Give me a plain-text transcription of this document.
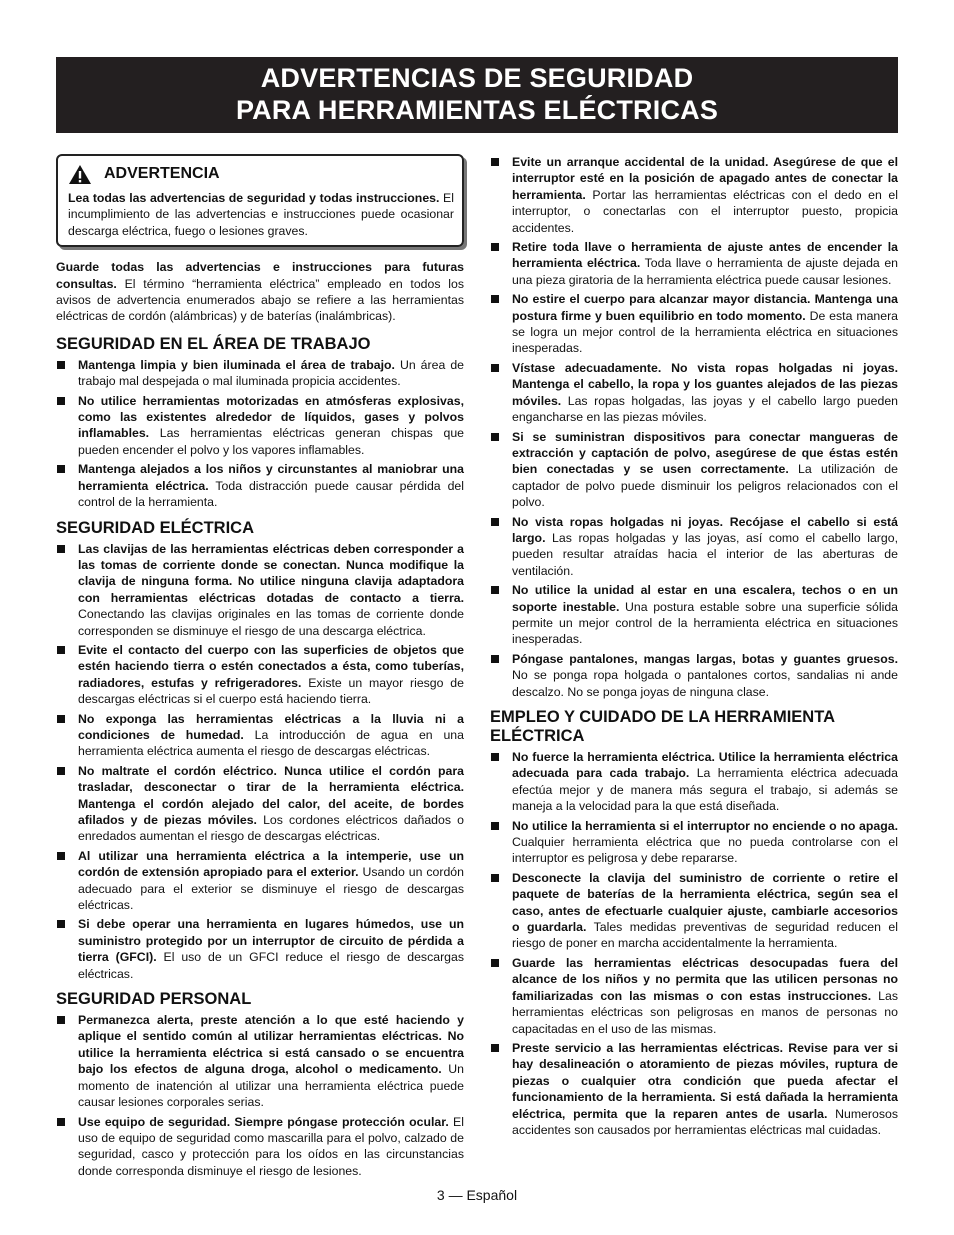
ADVERTENCIAS DE SEGURIDAD
PARA HERRAMIENTAS ELÉCTRICAS
ADVERTENCIA
Lea todas las advertencias de seguridad y todas instrucciones. El incumplimiento de las advertencias e instrucciones puede ocasionar descarga eléctrica, fuego o lesiones graves.

Guarde todas las advertencias e instrucciones para futuras consultas. El término “herramienta eléctrica” empleado en todos los avisos de advertencia enumerados abajo se refiere a las herramientas eléctricas de cordón (alámbricas) y de baterías (inalámbricas).

SEGURIDAD EN EL ÁREA DE TRABAJO
Mantenga limpia y bien iluminada el área de trabajo. Un área de trabajo mal despejada o mal iluminada propicia accidentes.
No utilice herramientas motorizadas en atmósferas explosivas, como las existentes alrededor de líquidos, gases y polvos inflamables. Las herramientas eléctricas generan chispas que pueden encender el polvo y los vapores inflamables.
Mantenga alejados a los niños y circunstantes al maniobrar una herramienta eléctrica. Toda distracción puede causar pérdida del control de la herramienta.
SEGURIDAD ELÉCTRICA
Las clavijas de las herramientas eléctricas deben corresponder a las tomas de corriente donde se conectan. Nunca modifique la clavija de ninguna forma. No utilice ninguna clavija adaptadora con herramientas eléctricas dotadas de contacto a tierra. Conectando las clavijas originales en las tomas de corriente donde corresponden se disminuye el riesgo de una descarga eléctrica.
Evite el contacto del cuerpo con las superficies de objetos que estén haciendo tierra o estén conectados a ésta, como tuberías, radiadores, estufas y refrigeradores. Existe un mayor riesgo de descargas eléctricas si el cuerpo está haciendo tierra.
No exponga las herramientas eléctricas a la lluvia ni a condiciones de humedad. La introducción de agua en una herramienta eléctrica aumenta el riesgo de descargas eléctricas.
No maltrate el cordón eléctrico. Nunca utilice el cordón para trasladar, desconectar o tirar de la herramienta eléctrica. Mantenga el cordón alejado del calor, del aceite, de bordes afilados y de piezas móviles. Los cordones eléctricos dañados o enredados aumentan el riesgo de descargas eléctricas.
Al utilizar una herramienta eléctrica a la intemperie, use un cordón de extensión apropiado para el exterior. Usando un cordón adecuado para el exterior se disminuye el riesgo de descargas eléctricas.
Si debe operar una herramienta en lugares húmedos, use un suministro protegido por un interruptor de circuito de pérdida a tierra (GFCI). El uso de un GFCI reduce el riesgo de descargas eléctricas.
SEGURIDAD PERSONAL
Permanezca alerta, preste atención a lo que esté haciendo y aplique el sentido común al utilizar herramientas eléctricas. No utilice la herramienta eléctrica si está cansado o se encuentra bajo los efectos de alguna droga, alcohol o medicamento. Un momento de inatención al utilizar una herramienta eléctrica puede causar lesiones corporales serias.
Use equipo de seguridad. Siempre póngase protección ocular. El uso de equipo de seguridad como mascarilla para el polvo, calzado de seguridad, casco y protección para los oídos en las circunstancias donde corresponda disminuye el riesgo de lesiones.
Evite un arranque accidental de la unidad. Asegúrese de que el interruptor esté en la posición de apagado antes de conectar la herramienta. Portar las herramientas eléctricas con el dedo en el interruptor, o conectarlas con el interruptor puesto, propicia accidentes.
Retire toda llave o herramienta de ajuste antes de encender la herramienta eléctrica. Toda llave o herramienta de ajuste dejada en una pieza giratoria de la herramienta eléctrica puede causar lesiones.
No estire el cuerpo para alcanzar mayor distancia. Mantenga una postura firme y buen equilibrio en todo momento. De esta manera se logra un mejor control de la herramienta eléctrica en situaciones inesperadas.
Vístase adecuadamente. No vista ropas holgadas ni joyas. Mantenga el cabello, la ropa y los guantes alejados de las piezas móviles. Las ropas holgadas, las joyas y el cabello largo pueden engancharse en las piezas móviles.
Si se suministran dispositivos para conectar mangueras de extracción y captación de polvo, asegúrese de que éstas estén bien conectadas y se usen correctamente. La utilización de captador de polvo puede disminuir los peligros relacionados con el polvo.
No vista ropas holgadas ni joyas. Recójase el cabello si está largo. Las ropas holgadas y las joyas, así como el cabello largo, pueden resultar atraídas hacia el interior de las aberturas de ventilación.
No utilice la unidad al estar en una escalera, techos o en un soporte inestable. Una postura estable sobre una superficie sólida permite un mejor control de la herramienta eléctrica en situaciones inesperadas.
Póngase pantalones, mangas largas, botas y guantes gruesos. No se ponga ropa holgada o pantalones cortos, sandalias ni ande descalzo. No se ponga joyas de ninguna clase.
EMPLEO Y CUIDADO DE LA HERRAMIENTA ELÉCTRICA
No fuerce la herramienta eléctrica. Utilice la herramienta eléctrica adecuada para cada trabajo. La herramienta eléctrica adecuada efectúa mejor y de manera más segura el trabajo, si además se maneja a la velocidad para la que está diseñada.
No utilice la herramienta si el interruptor no enciende o no apaga. Cualquier herramienta eléctrica que no pueda controlarse con el interruptor es peligrosa y debe repararse.
Desconecte la clavija del suministro de corriente o retire el paquete de baterías de la herramienta eléctrica, según sea el caso, antes de efectuarle cualquier ajuste, cambiarle accesorios o guardarla. Tales medidas preventivas de seguridad reducen el riesgo de poner en marcha accidentalmente la herramienta.
Guarde las herramientas eléctricas desocupadas fuera del alcance de los niños y no permita que las utilicen personas no familiarizadas con las mismas o con estas instrucciones. Las herramientas eléctricas son peligrosas en manos de personas no capacitadas en el uso de las mismas.
Preste servicio a las herramientas eléctricas. Revise para ver si hay desalineación o atoramiento de piezas móviles, ruptura de piezas o cualquier otra condición que pueda afectar el funcionamiento de la herramienta. Si está dañada la herramienta eléctrica, permita que la reparen antes de usarla. Numerosos accidentes son causados por herramientas eléctricas mal cuidadas.
3 — Español
